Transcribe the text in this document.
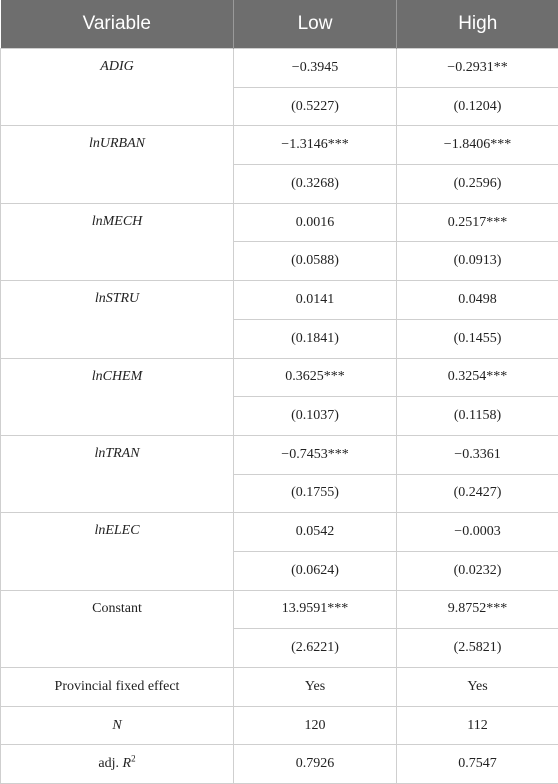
Variable	Low	High
ADIG	−0.3945	−0.2931**
	(0.5227)	(0.1204)
lnURBAN	−1.3146***	−1.8406***
	(0.3268)	(0.2596)
lnMECH	0.0016	0.2517***
	(0.0588)	(0.0913)
lnSTRU	0.0141	0.0498
	(0.1841)	(0.1455)
lnCHEM	0.3625***	0.3254***
	(0.1037)	(0.1158)
lnTRAN	−0.7453***	−0.3361
	(0.1755)	(0.2427)
lnELEC	0.0542	−0.0003
	(0.0624)	(0.0232)
Constant	13.9591***	9.8752***
	(2.6221)	(2.5821)
Provincial fixed effect	Yes	Yes
N	120	112
adj. $R^2$	0.7926	0.7547
